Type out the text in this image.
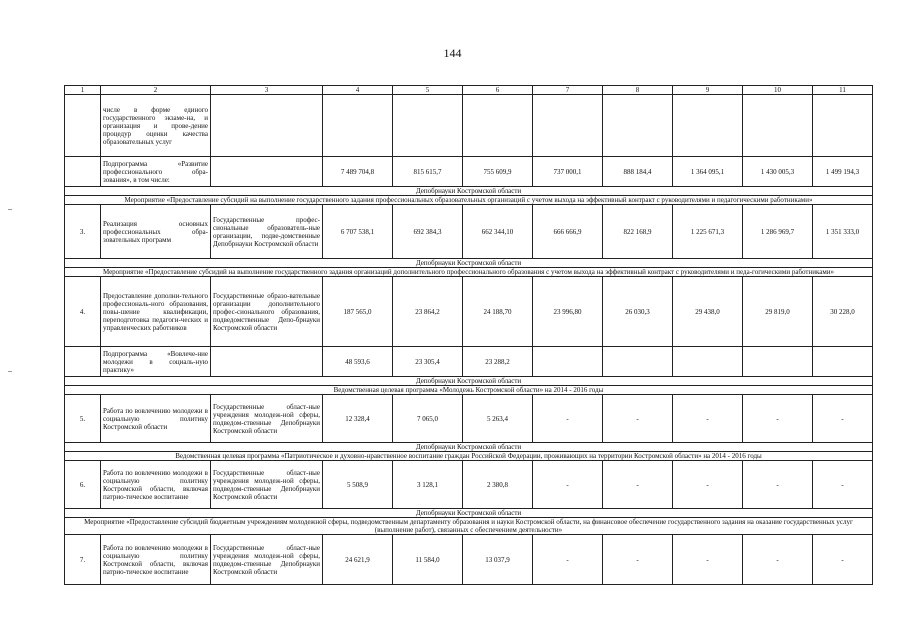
144
1	2	3	4	5	6	7	8	9	10	11
	числе в форме единого государственного экзаме-на, и организация и прове-дение процедур оценки качества образовательных услуг									
	Подпрограмма «Развитие профессионального обра-зования», в том числе:		7 489 704,8	815 615,7	755 609,9	737 000,1	888 184,4	1 364 095,1	1 430 005,3	1 499 194,3
Депобрнауки Костромской области										
Мероприятие «Предоставление субсидий на выполнение государственного задания профессиональных образовательных организаций с учетом выхода на эффективный контракт с руководителями и педагогическими работниками»										
3.	Реализация основных профессиональных обра-зовательных программ	Государственные профес-сиональные образователь-ные организации, подве-домственные Депобрнауки Костромской области	6 707 538,1	692 384,3	662 344,10	666 666,9	822 168,9	1 225 671,3	1 286 969,7	1 351 333,0
Депобрнауки Костромской области										
Мероприятие «Предоставление субсидий на выполнение государственного задания организаций дополнительного профессионального образования с учетом выхода на эффективный контракт с руководителями и педа-гогическими работниками»										
4.	Предоставление дополни-тельного профессиональ-ного образования, повы-шение квалификации, переподготовка педагоги-ческих и управленческих работников	Государственные образо-вательные организации дополнительного профес-сионального образования, подведомственные Депо-брнауки Костромской области	187 565,0	23 864,2	24 188,70	23 996,80	26 030,3	29 438,0	29 819,0	30 228,0
	Подпрограмма «Вовлече-ние молодежи в социаль-ную практику»		48 593,6	23 305,4	23 288,2					
Депобрнауки Костромской области										
Ведомственная целевая программа «Молодежь Костромской области» на 2014 - 2016 годы										
5.	Работа по вовлечению молодежи в социальную политику Костромской области	Государственные област-ные учреждения молодеж-ной сферы, подведом-ственные Депобрнауки Костромской области	12 328,4	7 065,0	5 263,4	-	-	-	-	-
Депобрнауки Костромской области										
Ведомственная целевая программа «Патриотическое и духовно-нравственное воспитание граждан Российской Федерации, проживающих на территории Костромской области» на 2014 - 2016 годы										
6.	Работа по вовлечению молодежи в социальную политику Костромской области, включая патрио-тическое воспитание	Государственные област-ные учреждения молодеж-ной сферы, подведом-ственные Депобрнауки Костромской области	5 508,9	3 128,1	2 380,8	-	-	-	-	-
Депобрнауки Костромской области										
Мероприятие «Предоставление субсидий бюджетным учреждениям молодежной сферы, подведомственным департаменту образования и науки Костромской области, на финансовое обеспечение государственного задания на оказание государственных услуг (выполнение работ), связанных с обеспечением деятельности»										
7.	Работа по вовлечению молодежи в социальную политику Костромской области, включая патрио-тическое воспитание	Государственные област-ные учреждения молодеж-ной сферы, подведом-ственные Депобрнауки Костромской области	24 621,9	11 584,0	13 037,9	-	-	-	-	-
